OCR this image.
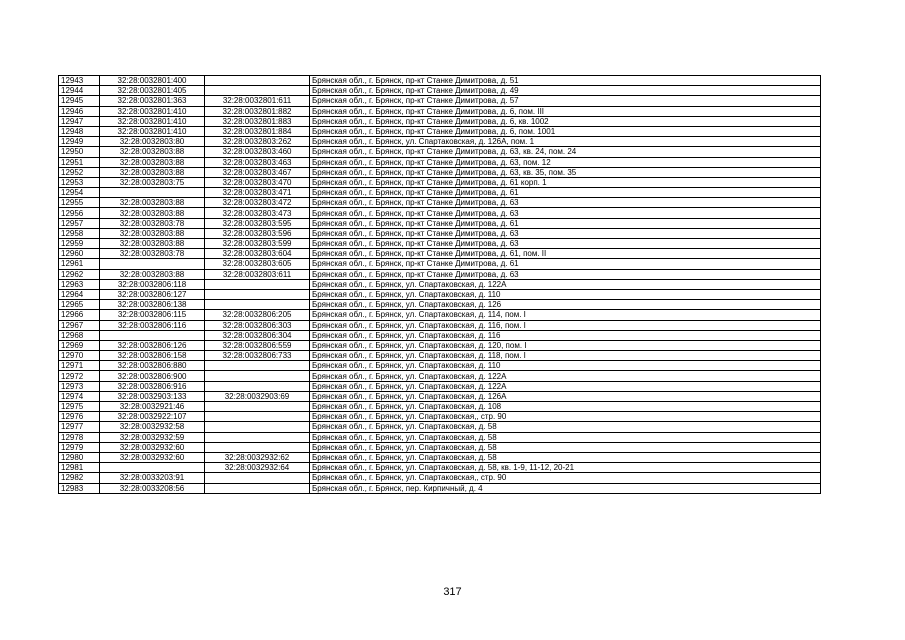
12943	32:28:0032801:400		Брянская обл., г. Брянск, пр-кт Станке Димитрова, д. 51
12944	32:28:0032801:405		Брянская обл., г. Брянск, пр-кт Станке Димитрова, д. 49
12945	32:28:0032801:363	32:28:0032801:611	Брянская обл., г. Брянск, пр-кт Станке Димитрова, д. 57
12946	32:28:0032801:410	32:28:0032801:882	Брянская обл., г. Брянск, пр-кт Станке Димитрова, д. 6, пом. III
12947	32:28:0032801:410	32:28:0032801:883	Брянская обл., г. Брянск, пр-кт Станке Димитрова, д. 6, кв. 1002
12948	32:28:0032801:410	32:28:0032801:884	Брянская обл., г. Брянск, пр-кт Станке Димитрова, д. 6, пом. 1001
12949	32:28:0032803:80	32:28:0032803:262	Брянская обл., г. Брянск, ул. Спартаковская, д. 126А, пом. 1
12950	32:28:0032803:88	32:28:0032803:460	Брянская обл., г. Брянск, пр-кт Станке Димитрова, д. 63, кв. 24, пом. 24
12951	32:28:0032803:88	32:28:0032803:463	Брянская обл., г. Брянск, пр-кт Станке Димитрова, д. 63, пом. 12
12952	32:28:0032803:88	32:28:0032803:467	Брянская обл., г. Брянск, пр-кт Станке Димитрова, д. 63, кв. 35, пом. 35
12953	32:28:0032803:75	32:28:0032803:470	Брянская обл., г. Брянск, пр-кт Станке Димитрова, д. 61 корп. 1
12954		32:28:0032803:471	Брянская обл., г. Брянск, пр-кт Станке Димитрова, д. 61
12955	32:28:0032803:88	32:28:0032803:472	Брянская обл., г. Брянск, пр-кт Станке Димитрова, д. 63
12956	32:28:0032803:88	32:28:0032803:473	Брянская обл., г. Брянск, пр-кт Станке Димитрова, д. 63
12957	32:28:0032803:78	32:28:0032803:595	Брянская обл., г. Брянск, пр-кт Станке Димитрова, д. 61
12958	32:28:0032803:88	32:28:0032803:596	Брянская обл., г. Брянск, пр-кт Станке Димитрова, д. 63
12959	32:28:0032803:88	32:28:0032803:599	Брянская обл., г. Брянск, пр-кт Станке Димитрова, д. 63
12960	32:28:0032803:78	32:28:0032803:604	Брянская обл., г. Брянск, пр-кт Станке Димитрова, д. 61, пом. II
12961		32:28:0032803:605	Брянская обл., г. Брянск, пр-кт Станке Димитрова, д. 61
12962	32:28:0032803:88	32:28:0032803:611	Брянская обл., г. Брянск, пр-кт Станке Димитрова, д. 63
12963	32:28:0032806:118		Брянская обл., г. Брянск, ул. Спартаковская, д. 122А
12964	32:28:0032806:127		Брянская обл., г. Брянск, ул. Спартаковская, д. 110
12965	32:28:0032806:138		Брянская обл., г. Брянск, ул. Спартаковская, д. 126
12966	32:28:0032806:115	32:28:0032806:205	Брянская обл., г. Брянск, ул. Спартаковская, д. 114, пом. I
12967	32:28:0032806:116	32:28:0032806:303	Брянская обл., г. Брянск, ул. Спартаковская, д. 116, пом. I
12968		32:28:0032806:304	Брянская обл., г. Брянск, ул. Спартаковская, д. 116
12969	32:28:0032806:126	32:28:0032806:559	Брянская обл., г. Брянск, ул. Спартаковская, д. 120, пом. I
12970	32:28:0032806:158	32:28:0032806:733	Брянская обл., г. Брянск, ул. Спартаковская, д. 118, пом. I
12971	32:28:0032806:880		Брянская обл., г. Брянск, ул. Спартаковская, д. 110
12972	32:28:0032806:900		Брянская обл., г. Брянск, ул. Спартаковская, д. 122А
12973	32:28:0032806:916		Брянская обл., г. Брянск, ул. Спартаковская, д. 122А
12974	32:28:0032903:133	32:28:0032903:69	Брянская обл., г. Брянск, ул. Спартаковская, д. 126А
12975	32:28:0032921:46		Брянская обл., г. Брянск, ул. Спартаковская, д. 108
12976	32:28:0032922:107		Брянская обл., г. Брянск, ул. Спартаковская,, стр. 90
12977	32:28:0032932:58		Брянская обл., г. Брянск, ул. Спартаковская, д. 58
12978	32:28:0032932:59		Брянская обл., г. Брянск, ул. Спартаковская, д. 58
12979	32:28:0032932:60		Брянская обл., г. Брянск, ул. Спартаковская, д. 58
12980	32:28:0032932:60	32:28:0032932:62	Брянская обл., г. Брянск, ул. Спартаковская, д. 58
12981		32:28:0032932:64	Брянская обл., г. Брянск, ул. Спартаковская, д. 58, кв. 1-9, 11-12, 20-21
12982	32:28:0033203:91		Брянская обл., г. Брянск, ул. Спартаковская,, стр. 90
12983	32:28:0033208:56		Брянская обл., г. Брянск, пер. Кирпичный, д. 4
317
